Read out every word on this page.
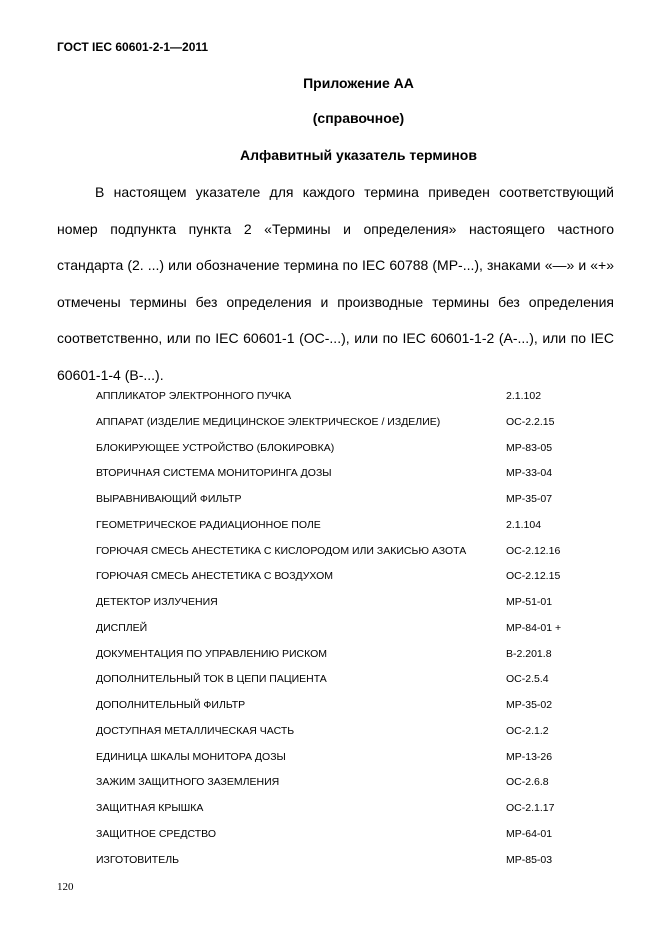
ГОСТ IEC 60601-2-1—2011
Приложение АА
(справочное)
Алфавитный указатель терминов

В настоящем указателе для каждого термина приведен соответствующий номер подпункта пункта 2 «Термины и определения» настоящего частного стандарта (2. ...) или обозначение термина по IEC 60788 (MP-...), знаками «—» и «+» отмечены термины без определения и производные термины без определения соответственно, или по IEC 60601-1 (ОС-...), или по IEC 60601-1-2 (А-...), или по IEC 60601-1-4 (В-...).

АППЛИКАТОР ЭЛЕКТРОННОГО ПУЧКА	2.1.102
АППАРАТ (ИЗДЕЛИЕ МЕДИЦИНСКОЕ ЭЛЕКТРИЧЕСКОЕ / ИЗДЕЛИЕ)	ОС-2.2.15
БЛОКИРУЮЩЕЕ УСТРОЙСТВО (БЛОКИРОВКА)	МР-83-05
ВТОРИЧНАЯ СИСТЕМА МОНИТОРИНГА ДОЗЫ	МР-33-04
ВЫРАВНИВАЮЩИЙ ФИЛЬТР	МР-35-07
ГЕОМЕТРИЧЕСКОЕ РАДИАЦИОННОЕ ПОЛЕ	2.1.104
ГОРЮЧАЯ СМЕСЬ АНЕСТЕТИКА С КИСЛОРОДОМ ИЛИ ЗАКИСЬЮ АЗОТА	ОС-2.12.16
ГОРЮЧАЯ СМЕСЬ АНЕСТЕТИКА С ВОЗДУХОМ	ОС-2.12.15
ДЕТЕКТОР ИЗЛУЧЕНИЯ	МР-51-01
ДИСПЛЕЙ	МР-84-01 +
ДОКУМЕНТАЦИЯ ПО УПРАВЛЕНИЮ РИСКОМ	В-2.201.8
ДОПОЛНИТЕЛЬНЫЙ ТОК В ЦЕПИ ПАЦИЕНТА	ОС-2.5.4
ДОПОЛНИТЕЛЬНЫЙ ФИЛЬТР	МР-35-02
ДОСТУПНАЯ МЕТАЛЛИЧЕСКАЯ ЧАСТЬ	ОС-2.1.2
ЕДИНИЦА ШКАЛЫ МОНИТОРА ДОЗЫ	МР-13-26
ЗАЖИМ ЗАЩИТНОГО ЗАЗЕМЛЕНИЯ	ОС-2.6.8
ЗАЩИТНАЯ КРЫШКА	ОС-2.1.17
ЗАЩИТНОЕ СРЕДСТВО	МР-64-01
ИЗГОТОВИТЕЛЬ	МР-85-03
120
